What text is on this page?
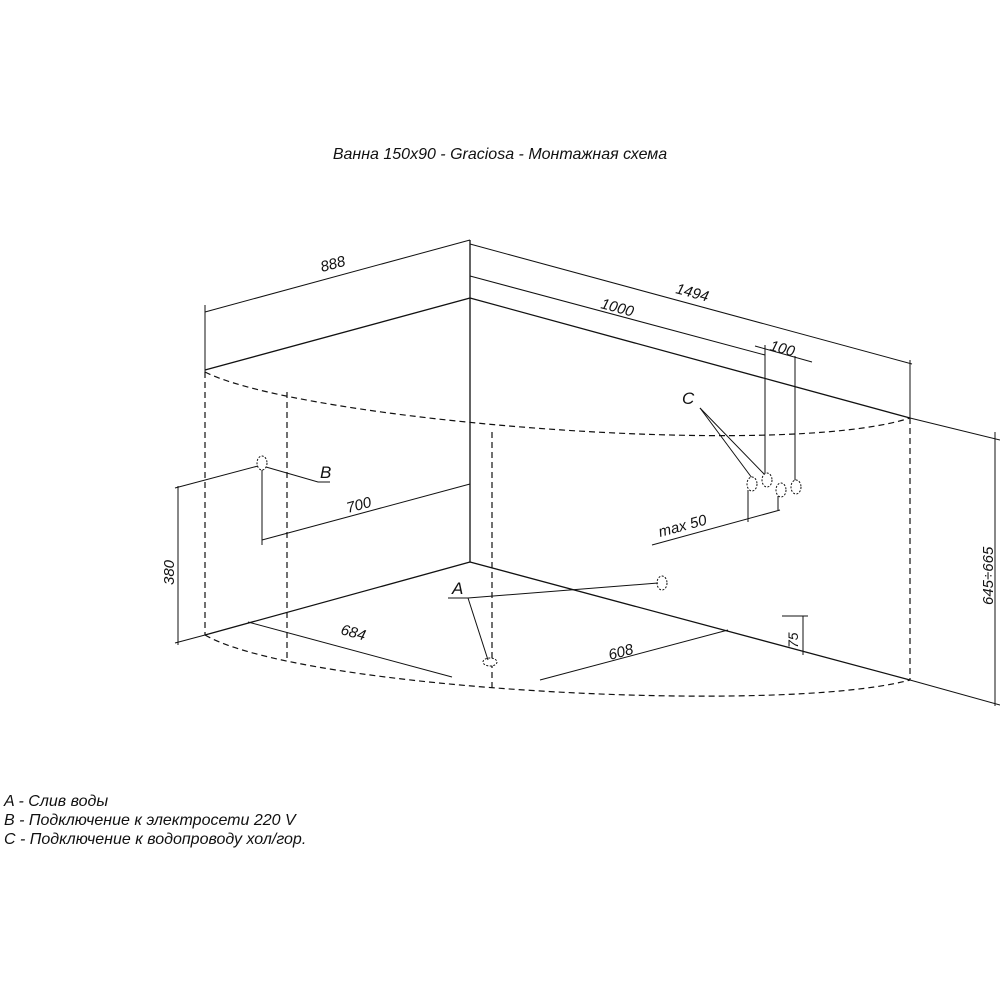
Ванна 150x90 - Graciosa - Монтажная схема
888
1494
1000
100
C
max 50
645÷665
B
700
380
A
684
608
75
A - Слив воды
B - Подключение к электросети 220 V
C - Подключение к водопроводу хол/гор.
